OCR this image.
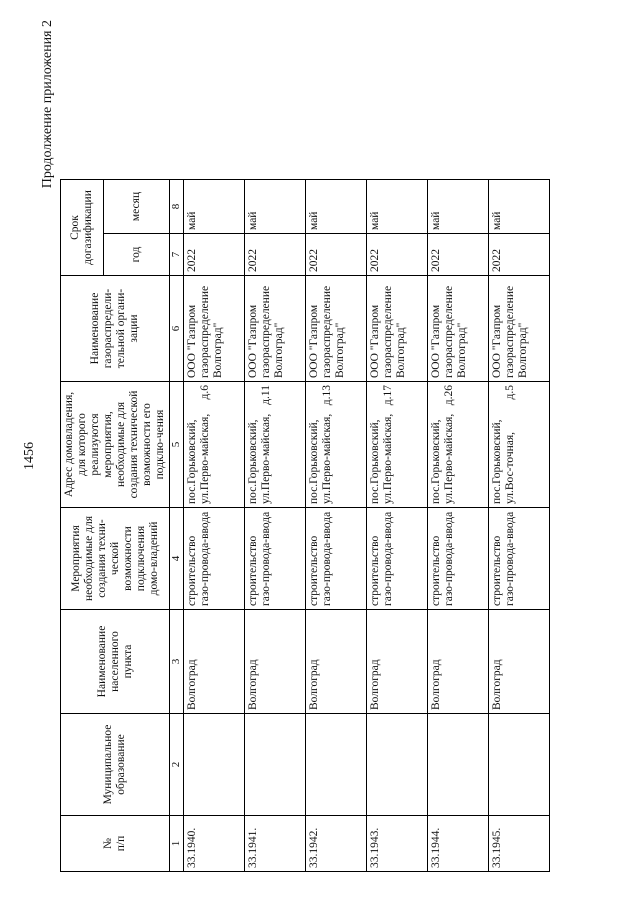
1456
Продолжение приложения 2
№
п/п	Муниципальное образование	Наименование населенного пункта	Мероприятия необходимые для создания техни-ческой возможности подключения домо-владений	Адрес домовладения, для которого реализуются мероприятия, необходимые для создания технической возможности его подклю-чения	Наименование газораспредели-тельной органи-зации	Срок догазификации	
						год	месяц
1	2	3	4	5	6	7	8
33.1940.		Волгоград	строительство газо-провода-ввода	пос.Горьковский, ул.Перво-майская, д.6	ООО "Газпром газораспределение Волгоград"	2022	май
33.1941.		Волгоград	строительство газо-провода-ввода	пос.Горьковский, ул.Перво-майская, д.11	ООО "Газпром газораспределение Волгоград"	2022	май
33.1942.		Волгоград	строительство газо-провода-ввода	пос.Горьковский, ул.Перво-майская, д.13	ООО "Газпром газораспределение Волгоград"	2022	май
33.1943.		Волгоград	строительство газо-провода-ввода	пос.Горьковский, ул.Перво-майская, д.17	ООО "Газпром газораспределение Волгоград"	2022	май
33.1944.		Волгоград	строительство газо-провода-ввода	пос.Горьковский, ул.Перво-майская, д.26	ООО "Газпром газораспределение Волгоград"	2022	май
33.1945.		Волгоград	строительство газо-провода-ввода	пос.Горьковский, ул.Вос-точная, д.5	ООО "Газпром газораспределение Волгоград"	2022	май
